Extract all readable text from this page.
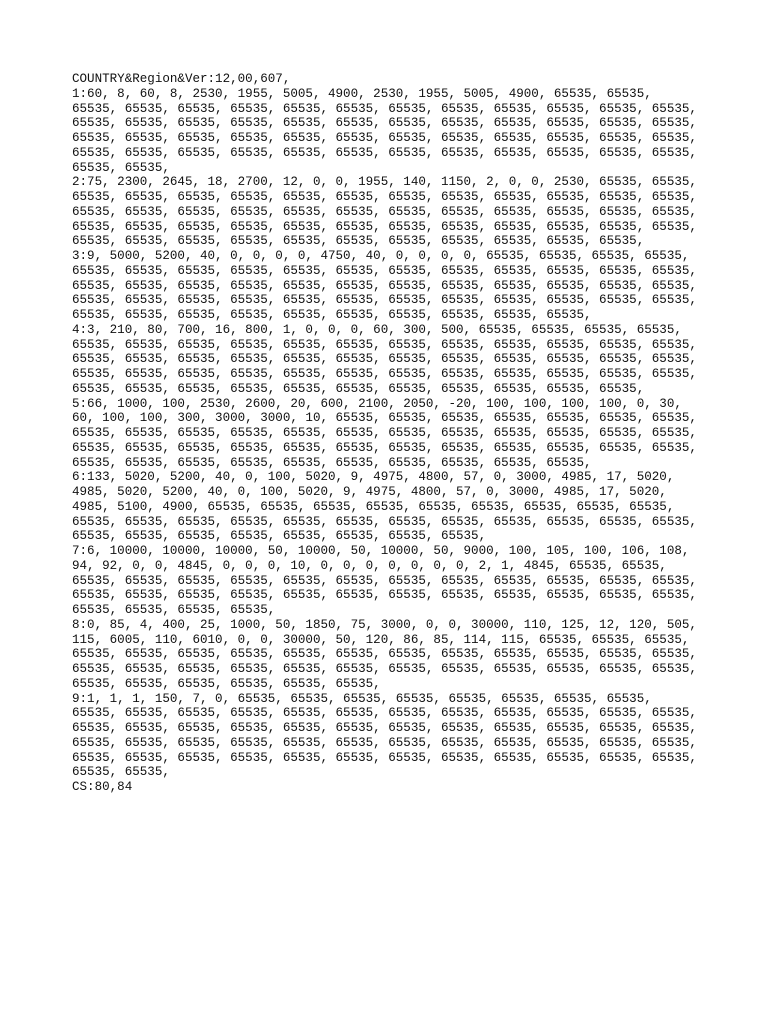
COUNTRY&Region&Ver:12,00,607,
1:60, 8, 60, 8, 2530, 1955, 5005, 4900, 2530, 1955, 5005, 4900, 65535, 65535,
65535, 65535, 65535, 65535, 65535, 65535, 65535, 65535, 65535, 65535, 65535, 65535,
65535, 65535, 65535, 65535, 65535, 65535, 65535, 65535, 65535, 65535, 65535, 65535,
65535, 65535, 65535, 65535, 65535, 65535, 65535, 65535, 65535, 65535, 65535, 65535,
65535, 65535, 65535, 65535, 65535, 65535, 65535, 65535, 65535, 65535, 65535, 65535,
65535, 65535,
2:75, 2300, 2645, 18, 2700, 12, 0, 0, 1955, 140, 1150, 2, 0, 0, 2530, 65535, 65535,
65535, 65535, 65535, 65535, 65535, 65535, 65535, 65535, 65535, 65535, 65535, 65535,
65535, 65535, 65535, 65535, 65535, 65535, 65535, 65535, 65535, 65535, 65535, 65535,
65535, 65535, 65535, 65535, 65535, 65535, 65535, 65535, 65535, 65535, 65535, 65535,
65535, 65535, 65535, 65535, 65535, 65535, 65535, 65535, 65535, 65535, 65535,
3:9, 5000, 5200, 40, 0, 0, 0, 0, 4750, 40, 0, 0, 0, 0, 65535, 65535, 65535, 65535,
65535, 65535, 65535, 65535, 65535, 65535, 65535, 65535, 65535, 65535, 65535, 65535,
65535, 65535, 65535, 65535, 65535, 65535, 65535, 65535, 65535, 65535, 65535, 65535,
65535, 65535, 65535, 65535, 65535, 65535, 65535, 65535, 65535, 65535, 65535, 65535,
65535, 65535, 65535, 65535, 65535, 65535, 65535, 65535, 65535, 65535,
4:3, 210, 80, 700, 16, 800, 1, 0, 0, 0, 60, 300, 500, 65535, 65535, 65535, 65535,
65535, 65535, 65535, 65535, 65535, 65535, 65535, 65535, 65535, 65535, 65535, 65535,
65535, 65535, 65535, 65535, 65535, 65535, 65535, 65535, 65535, 65535, 65535, 65535,
65535, 65535, 65535, 65535, 65535, 65535, 65535, 65535, 65535, 65535, 65535, 65535,
65535, 65535, 65535, 65535, 65535, 65535, 65535, 65535, 65535, 65535, 65535,
5:66, 1000, 100, 2530, 2600, 20, 600, 2100, 2050, -20, 100, 100, 100, 100, 0, 30,
60, 100, 100, 300, 3000, 3000, 10, 65535, 65535, 65535, 65535, 65535, 65535, 65535,
65535, 65535, 65535, 65535, 65535, 65535, 65535, 65535, 65535, 65535, 65535, 65535,
65535, 65535, 65535, 65535, 65535, 65535, 65535, 65535, 65535, 65535, 65535, 65535,
65535, 65535, 65535, 65535, 65535, 65535, 65535, 65535, 65535, 65535,
6:133, 5020, 5200, 40, 0, 100, 5020, 9, 4975, 4800, 57, 0, 3000, 4985, 17, 5020,
4985, 5020, 5200, 40, 0, 100, 5020, 9, 4975, 4800, 57, 0, 3000, 4985, 17, 5020,
4985, 5100, 4900, 65535, 65535, 65535, 65535, 65535, 65535, 65535, 65535, 65535,
65535, 65535, 65535, 65535, 65535, 65535, 65535, 65535, 65535, 65535, 65535, 65535,
65535, 65535, 65535, 65535, 65535, 65535, 65535, 65535,
7:6, 10000, 10000, 10000, 50, 10000, 50, 10000, 50, 9000, 100, 105, 100, 106, 108,
94, 92, 0, 0, 4845, 0, 0, 0, 10, 0, 0, 0, 0, 0, 0, 0, 2, 1, 4845, 65535, 65535,
65535, 65535, 65535, 65535, 65535, 65535, 65535, 65535, 65535, 65535, 65535, 65535,
65535, 65535, 65535, 65535, 65535, 65535, 65535, 65535, 65535, 65535, 65535, 65535,
65535, 65535, 65535, 65535,
8:0, 85, 4, 400, 25, 1000, 50, 1850, 75, 3000, 0, 0, 30000, 110, 125, 12, 120, 505,
115, 6005, 110, 6010, 0, 0, 30000, 50, 120, 86, 85, 114, 115, 65535, 65535, 65535,
65535, 65535, 65535, 65535, 65535, 65535, 65535, 65535, 65535, 65535, 65535, 65535,
65535, 65535, 65535, 65535, 65535, 65535, 65535, 65535, 65535, 65535, 65535, 65535,
65535, 65535, 65535, 65535, 65535, 65535,
9:1, 1, 1, 150, 7, 0, 65535, 65535, 65535, 65535, 65535, 65535, 65535, 65535,
65535, 65535, 65535, 65535, 65535, 65535, 65535, 65535, 65535, 65535, 65535, 65535,
65535, 65535, 65535, 65535, 65535, 65535, 65535, 65535, 65535, 65535, 65535, 65535,
65535, 65535, 65535, 65535, 65535, 65535, 65535, 65535, 65535, 65535, 65535, 65535,
65535, 65535, 65535, 65535, 65535, 65535, 65535, 65535, 65535, 65535, 65535, 65535,
65535, 65535,
CS:80,84
